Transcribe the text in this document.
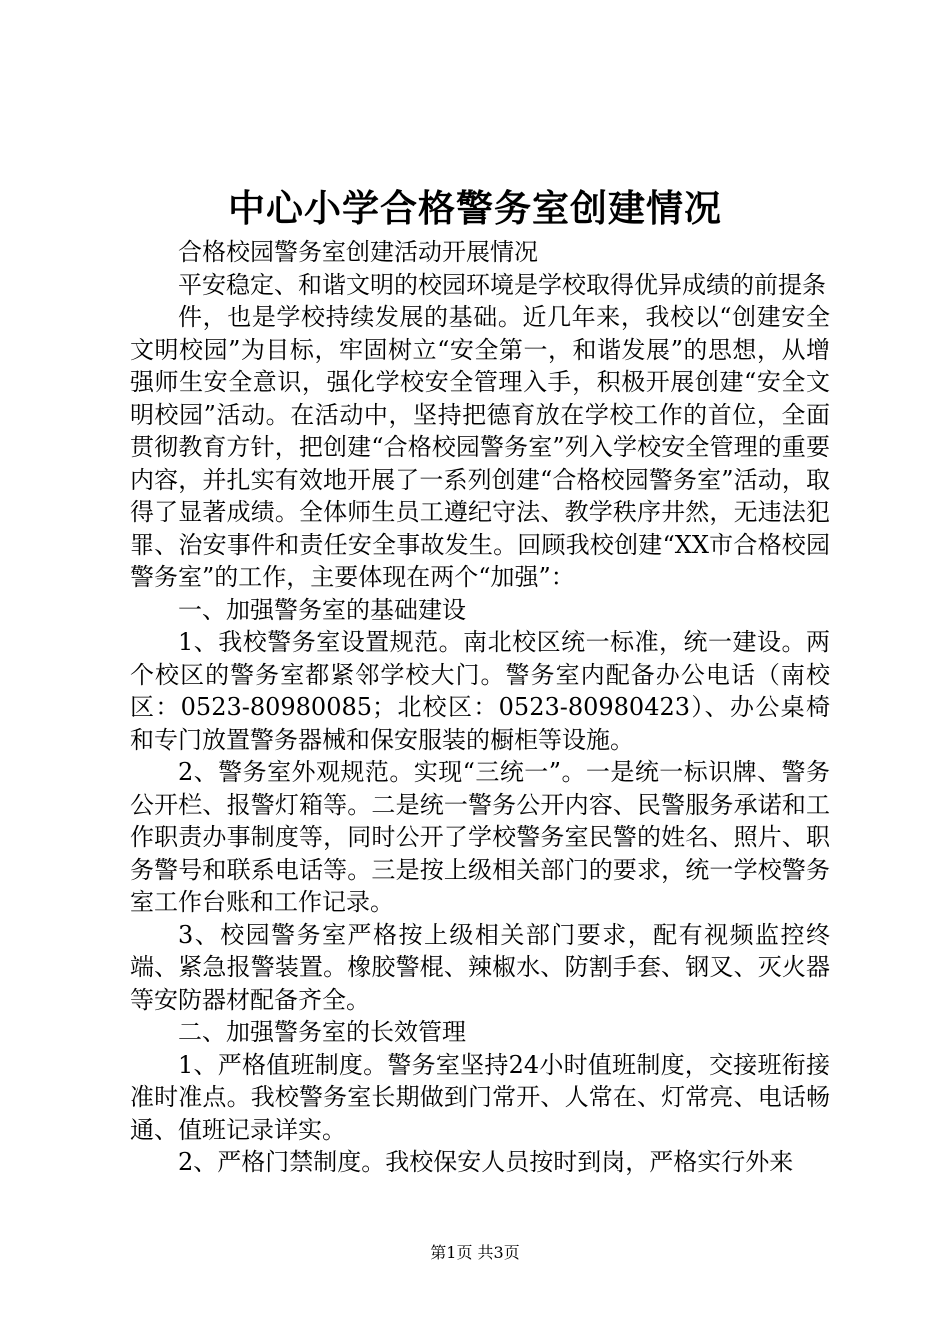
中心小学合格警务室创建情况

合格校园警务室创建活动开展情况

平安稳定、和谐文明的校园环境是学校取得优异成绩的前提条

件，也是学校持续发展的基础。近几年来，我校以“创建安全文明校园”为目标，牢固树立“安全第一，和谐发展”的思想，从增强师生安全意识，强化学校安全管理入手，积极开展创建“安全文明校园”活动。在活动中，坚持把德育放在学校工作的首位，全面贯彻教育方针，把创建“合格校园警务室”列入学校安全管理的重要内容，并扎实有效地开展了一系列创建“合格校园警务室”活动，取得了显著成绩。全体师生员工遵纪守法、教学秩序井然，无违法犯罪、治安事件和责任安全事故发生。回顾我校创建“XX市合格校园警务室”的工作，主要体现在两个“加强”：

一、加强警务室的基础建设

1、我校警务室设置规范。南北校区统一标准，统一建设。两个校区的警务室都紧邻学校大门。警务室内配备办公电话（南校区：0523-80980085；北校区：0523-80980423）、办公桌椅和专门放置警务器械和保安服装的橱柜等设施。

2、警务室外观规范。实现“三统一”。一是统一标识牌、警务公开栏、报警灯箱等。二是统一警务公开内容、民警服务承诺和工作职责办事制度等，同时公开了学校警务室民警的姓名、照片、职务警号和联系电话等。三是按上级相关部门的要求，统一学校警务室工作台账和工作记录。

3、校园警务室严格按上级相关部门要求，配有视频监控终端、紧急报警装置。橡胶警棍、辣椒水、防割手套、钢叉、灭火器等安防器材配备齐全。

二、加强警务室的长效管理

1、严格值班制度。警务室坚持24小时值班制度，交接班衔接准时准点。我校警务室长期做到门常开、人常在、灯常亮、电话畅通、值班记录详实。

2、严格门禁制度。我校保安人员按时到岗，严格实行外来

第1页 共3页
